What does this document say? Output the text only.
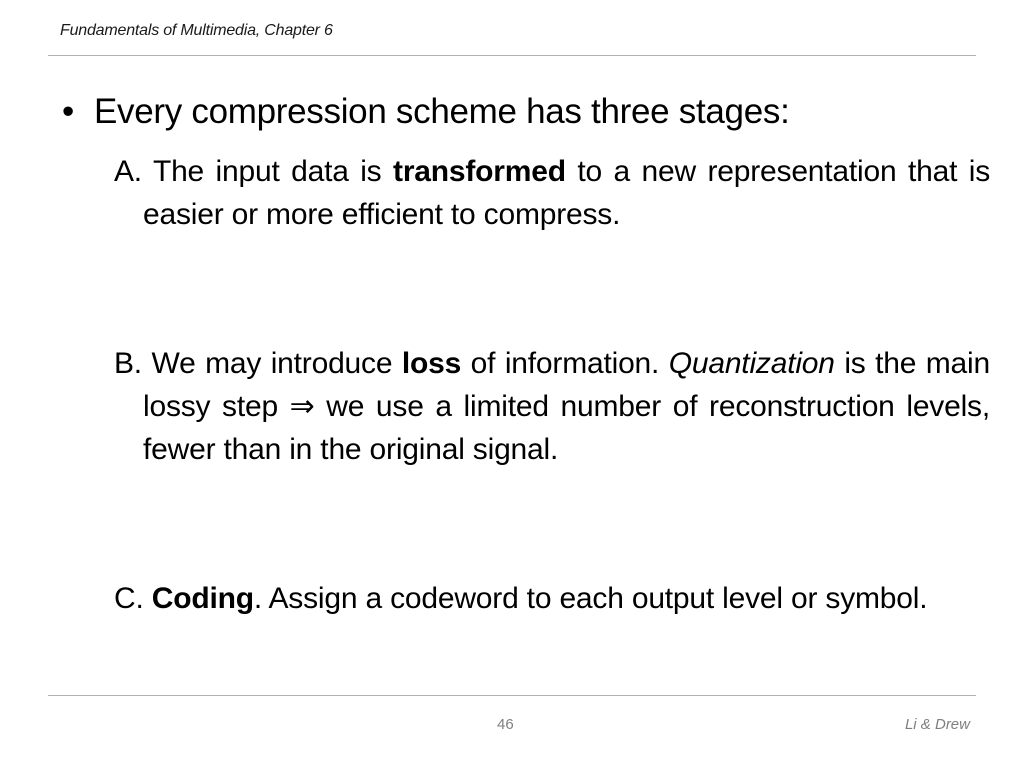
Fundamentals of Multimedia, Chapter 6
• Every compression scheme has three stages:
A. The input data is transformed to a new representation that is easier or more efficient to compress.
B. We may introduce loss of information. Quantization is the main lossy step ⇒ we use a limited number of reconstruction levels, fewer than in the original signal.
C. Coding. Assign a codeword to each output level or symbol.
46	Li & Drew
